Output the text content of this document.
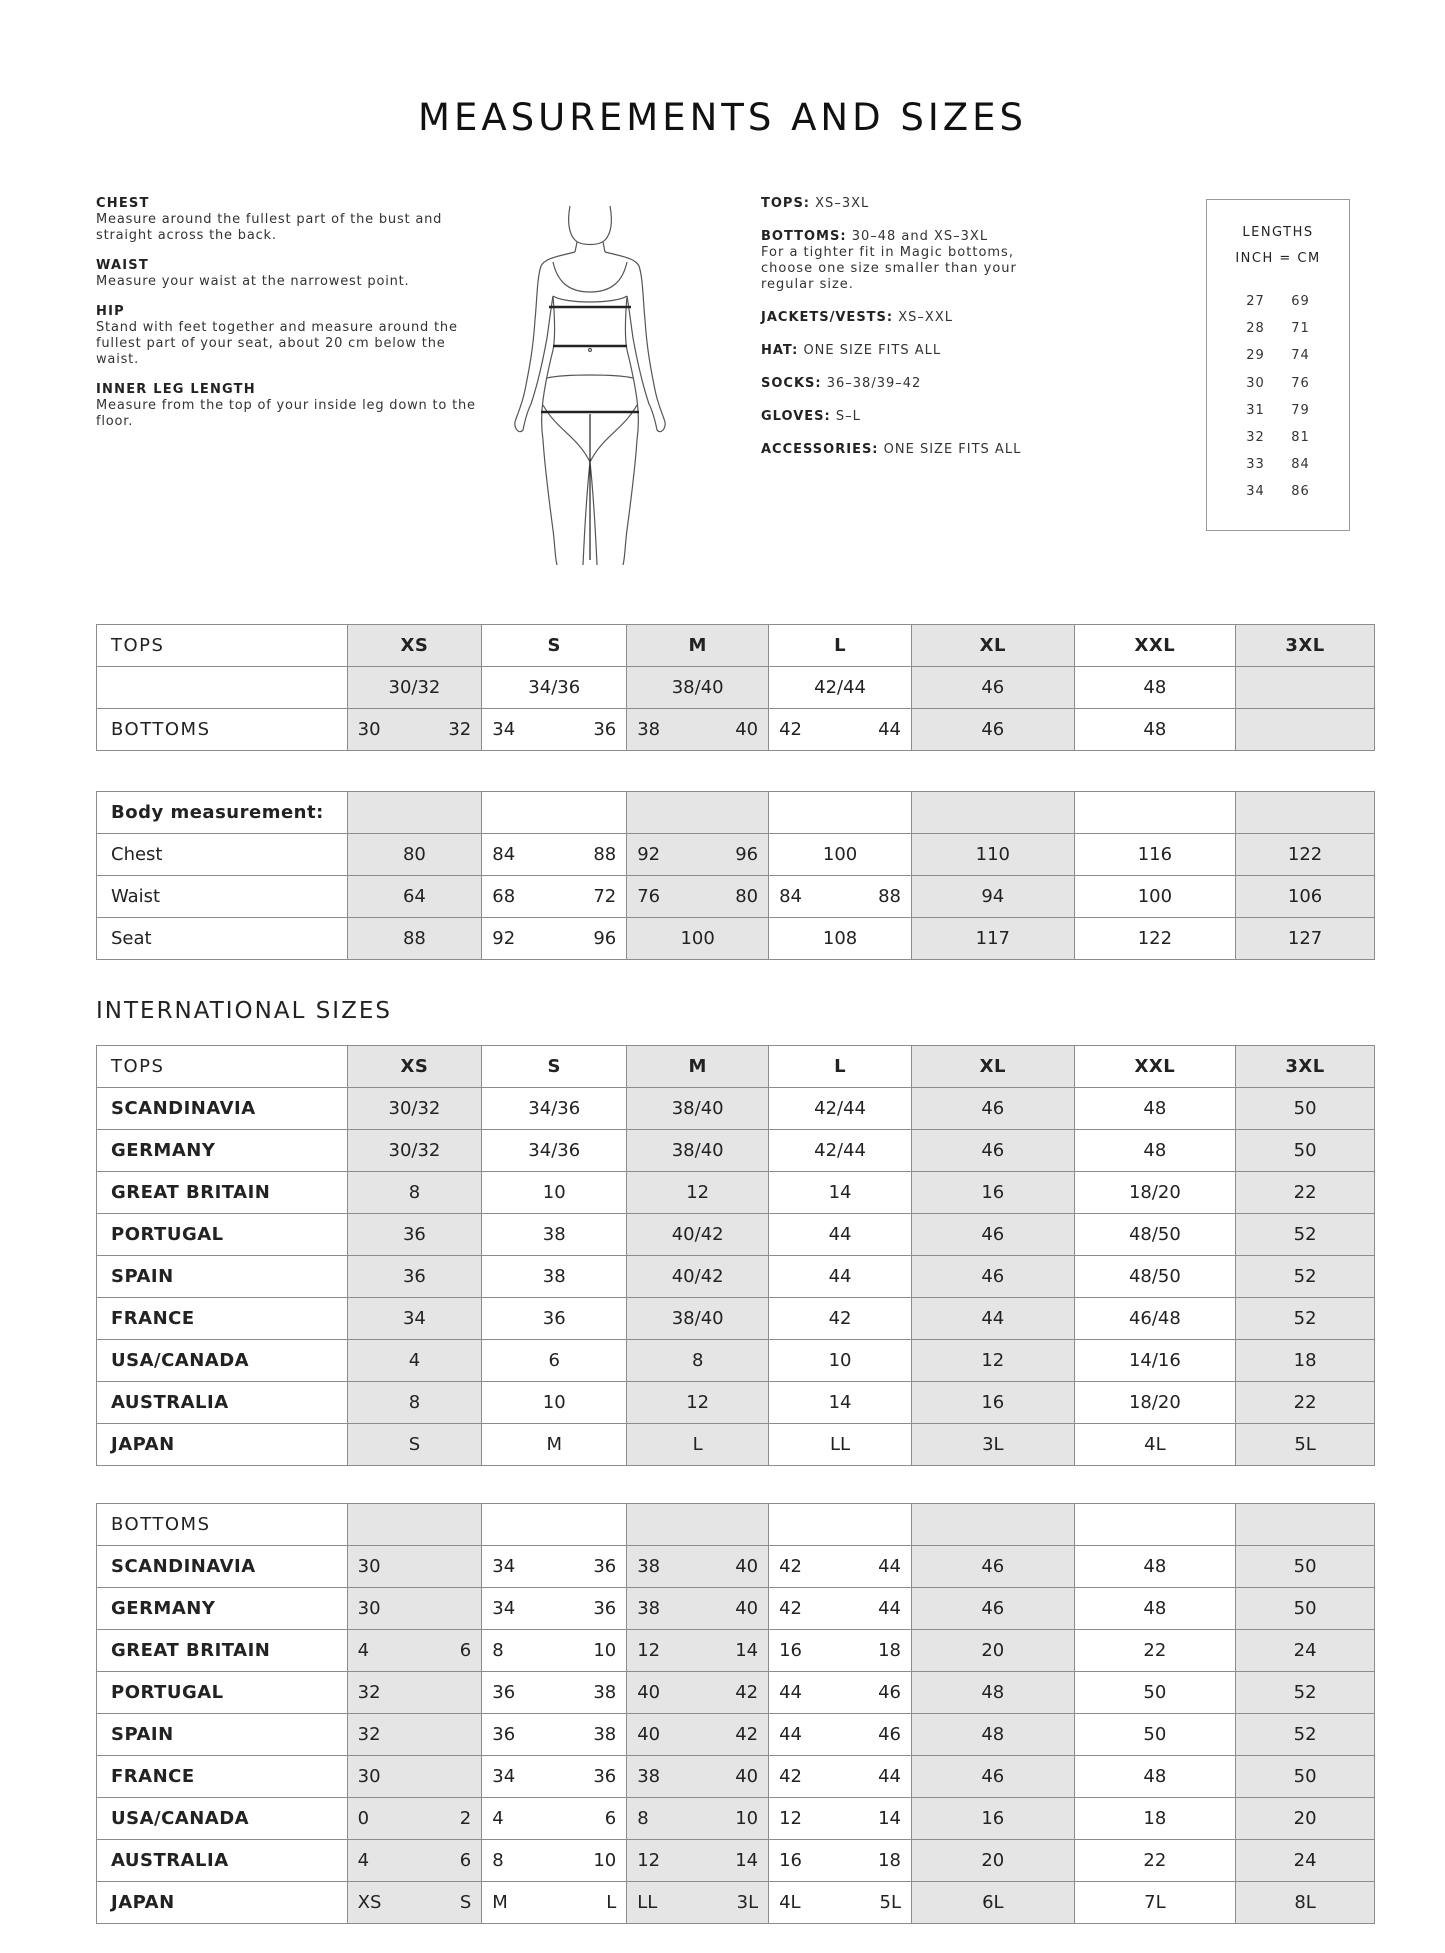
MEASUREMENTS AND SIZES
CHEST
Measure around the fullest part of the bust and straight across the back.
WAIST
Measure your waist at the narrowest point.
HIP
Stand with feet together and measure around the fullest part of your seat, about 20 cm below the waist.
INNER LEG LENGTH
Measure from the top of your inside leg down to the floor.
TOPS: XS–3XL
BOTTOMS: 30–48 and XS–3XL
For a tighter fit in Magic bottoms, choose one size smaller than your regular size.
JACKETS/VESTS: XS–XXL
HAT: ONE SIZE FITS ALL
SOCKS: 36–38/39–42
GLOVES: S–L
ACCESSORIES: ONE SIZE FITS ALL
LENGTHS
INCH = CM
27	69
28	71
29	74
30	76
31	79
32	81
33	84
34	86
TOPS	XS	S	M	L	XL	XXL	3XL
	30/32	34/36	38/40	42/44	46	48	
BOTTOMS	30 32	34 36	38 40	42 44	46	48	
Body measurement:							
Chest	80	84 88	92 96	100	110	116	122
Waist	64	68 72	76 80	84 88	94	100	106
Seat	88	92 96	100	108	117	122	127
INTERNATIONAL SIZES
TOPS	XS	S	M	L	XL	XXL	3XL
SCANDINAVIA	30/32	34/36	38/40	42/44	46	48	50
GERMANY	30/32	34/36	38/40	42/44	46	48	50
GREAT BRITAIN	8	10	12	14	16	18/20	22
PORTUGAL	36	38	40/42	44	46	48/50	52
SPAIN	36	38	40/42	44	46	48/50	52
FRANCE	34	36	38/40	42	44	46/48	52
USA/CANADA	4	6	8	10	12	14/16	18
AUSTRALIA	8	10	12	14	16	18/20	22
JAPAN	S	M	L	LL	3L	4L	5L
BOTTOMS							
SCANDINAVIA	30	34 36	38 40	42 44	46	48	50
GERMANY	30	34 36	38 40	42 44	46	48	50
GREAT BRITAIN	4 6	8 10	12 14	16 18	20	22	24
PORTUGAL	32	36 38	40 42	44 46	48	50	52
SPAIN	32	36 38	40 42	44 46	48	50	52
FRANCE	30	34 36	38 40	42 44	46	48	50
USA/CANADA	0 2	4 6	8 10	12 14	16	18	20
AUSTRALIA	4 6	8 10	12 14	16 18	20	22	24
JAPAN	XS S	M L	LL 3L	4L 5L	6L	7L	8L
